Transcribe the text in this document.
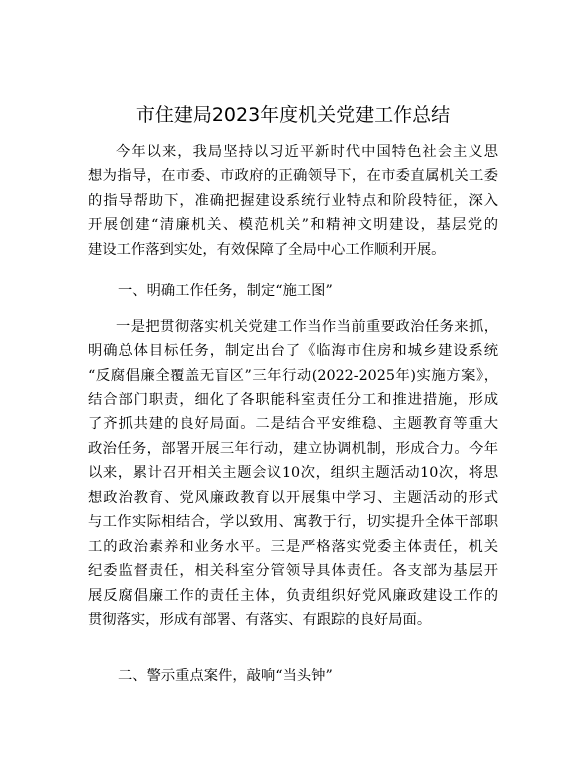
市住建局2023年度机关党建工作总结
今年以来，我局坚持以习近平新时代中国特色社会主义思
想为指导，在市委、市政府的正确领导下，在市委直属机关工委
的指导帮助下，准确把握建设系统行业特点和阶段特征，深入
开展创建“清廉机关、模范机关”和精神文明建设，基层党的
建设工作落到实处，有效保障了全局中心工作顺利开展。
一、明确工作任务，制定“施工图”
一是把贯彻落实机关党建工作当作当前重要政治任务来抓，
明确总体目标任务，制定出台了《临海市住房和城乡建设系统
“反腐倡廉全覆盖无盲区”三年行动(2022-2025年)实施方案》，
结合部门职责，细化了各职能科室责任分工和推进措施，形成
了齐抓共建的良好局面。二是结合平安维稳、主题教育等重大
政治任务，部署开展三年行动，建立协调机制，形成合力。今年
以来，累计召开相关主题会议10次，组织主题活动10次，将思
想政治教育、党风廉政教育以开展集中学习、主题活动的形式
与工作实际相结合，学以致用、寓教于行，切实提升全体干部职
工的政治素养和业务水平。三是严格落实党委主体责任，机关
纪委监督责任，相关科室分管领导具体责任。各支部为基层开
展反腐倡廉工作的责任主体，负责组织好党风廉政建设工作的
贯彻落实，形成有部署、有落实、有跟踪的良好局面。
二、警示重点案件，敲响“当头钟”
